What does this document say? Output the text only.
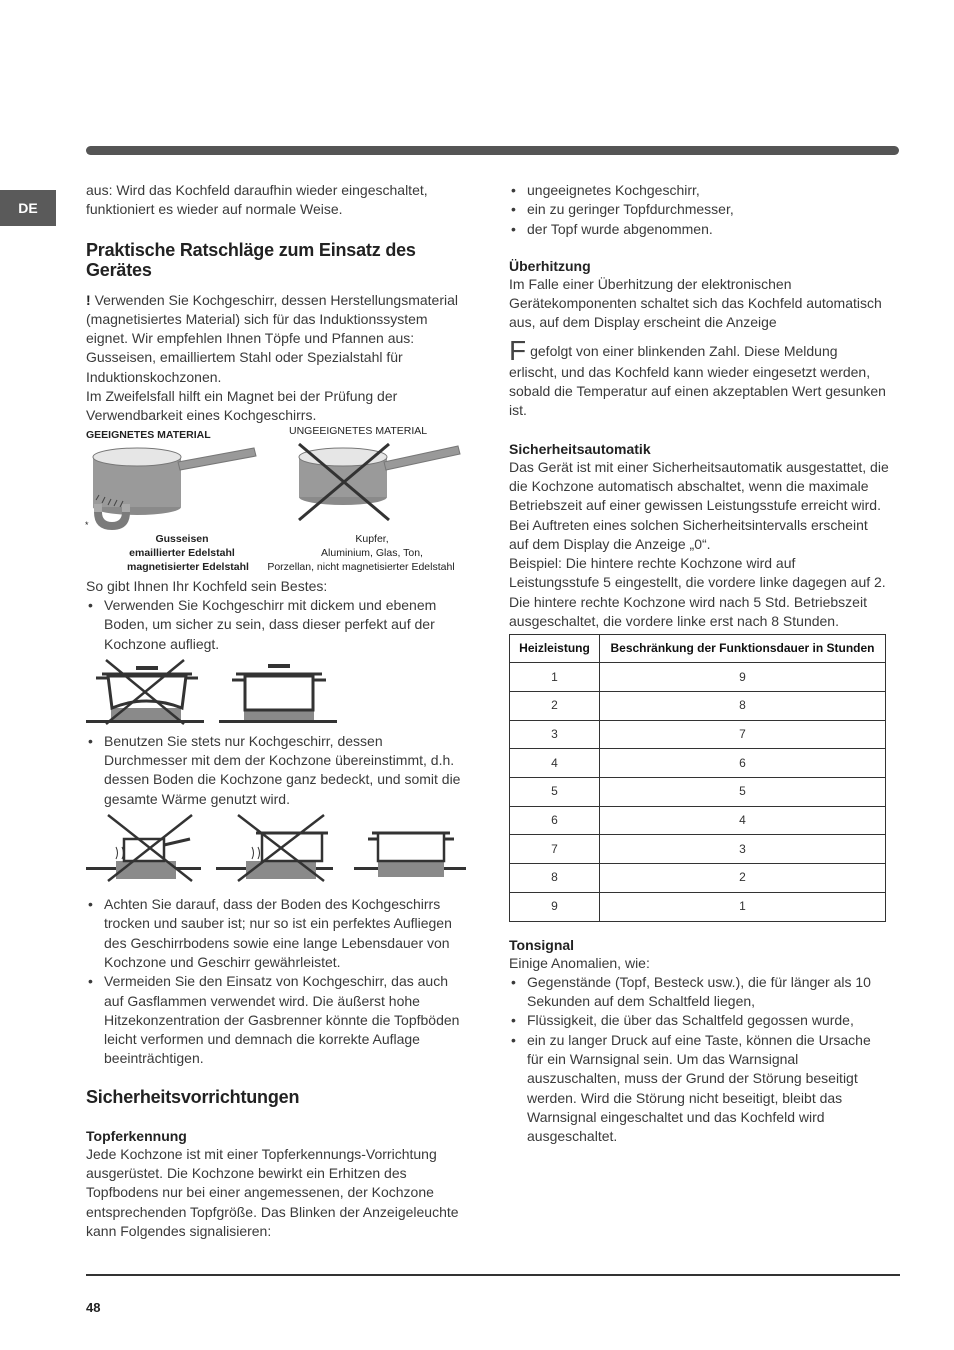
DE

aus: Wird das Kochfeld daraufhin wieder eingeschaltet, funktioniert es wieder auf normale Weise.

Praktische Ratschläge zum Einsatz des Gerätes

! Verwenden Sie Kochgeschirr, dessen Herstellungsmaterial (magnetisiertes Material) sich für das Induktionssystem eignet. Wir empfehlen Ihnen Töpfe und Pfannen aus: Gusseisen, emailliertem Stahl oder Spezialstahl für Induktionskochzonen.

Im Zweifelsfall hilft ein Magnet bei der Prüfung der Verwendbarkeit eines Kochgeschirrs.

GEEIGNETES MATERIAL	UNGEEIGNETES MATERIAL
*
Gusseisen
emaillierter Edelstahl
magnetisierter Edelstahl
Kupfer,
Aluminium, Glas, Ton,
Porzellan, nicht magnetisierter Edelstahl

So gibt Ihnen Ihr Kochfeld sein Bestes:

• Verwenden Sie Kochgeschirr mit dickem und ebenem Boden, um sicher zu sein, dass dieser perfekt auf der Kochzone aufliegt.
• Benutzen Sie stets nur Kochgeschirr, dessen Durchmesser mit dem der Kochzone übereinstimmt, d.h. dessen Boden die Kochzone ganz bedeckt, und somit die gesamte Wärme genutzt wird.
• Achten Sie darauf, dass der Boden des Kochgeschirrs trocken und sauber ist; nur so ist ein perfektes Aufliegen des Geschirrbodens sowie eine lange Lebensdauer von Kochzone und Geschirr gewährleistet.
• Vermeiden Sie den Einsatz von Kochgeschirr, das auch auf Gasflammen verwendet wird. Die äußerst hohe Hitzekonzentration der Gasbrenner könnte die Topfböden leicht verformen und demnach die korrekte Auflage beeinträchtigen.
Sicherheitsvorrichtungen
Topferkennung

Jede Kochzone ist mit einer Topferkennungs-Vorrichtung ausgerüstet. Die Kochzone bewirkt ein Erhitzen des Topfbodens nur bei einer angemessenen, der Kochzone entsprechenden Topfgröße. Das Blinken der Anzeigeleuchte kann Folgendes signalisieren:

• ungeeignetes Kochgeschirr,
• ein zu geringer Topfdurchmesser,
• der Topf wurde abgenommen.
Überhitzung

Im Falle einer Überhitzung der elektronischen Gerätekomponenten schaltet sich das Kochfeld automatisch aus, auf dem Display erscheint die Anzeige

Fgefolgt von einer blinkenden Zahl. Diese Meldung erlischt, und das Kochfeld kann wieder eingesetzt werden, sobald die Temperatur auf einen akzeptablen Wert gesunken ist.

Sicherheitsautomatik

Das Gerät ist mit einer Sicherheitsautomatik ausgestattet, die die Kochzone automatisch abschaltet, wenn die maximale Betriebszeit auf einer gewissen Leistungsstufe erreicht wird. Bei Auftreten eines solchen Sicherheitsintervalls erscheint auf dem Display die Anzeige „0“.

Beispiel: Die hintere rechte Kochzone wird auf Leistungsstufe 5 eingestellt, die vordere linke dagegen auf 2. Die hintere rechte Kochzone wird nach 5 Std. Betriebszeit ausgeschaltet, die vordere linke erst nach 8 Stunden.

Heizleistung	Beschränkung der Funktionsdauer in Stunden
1	9
2	8
3	7
4	6
5	5
6	4
7	3
8	2
9	1
Tonsignal

Einige Anomalien, wie:

• Gegenstände (Topf, Besteck usw.), die für länger als 10 Sekunden auf dem Schaltfeld liegen,
• Flüssigkeit, die über das Schaltfeld gegossen wurde,
• ein zu langer Druck auf eine Taste, können die Ursache für ein Warnsignal sein. Um das Warnsignal auszuschalten, muss der Grund der Störung beseitigt werden. Wird die Störung nicht beseitigt, bleibt das Warnsignal eingeschaltet und das Kochfeld wird ausgeschaltet.
48
